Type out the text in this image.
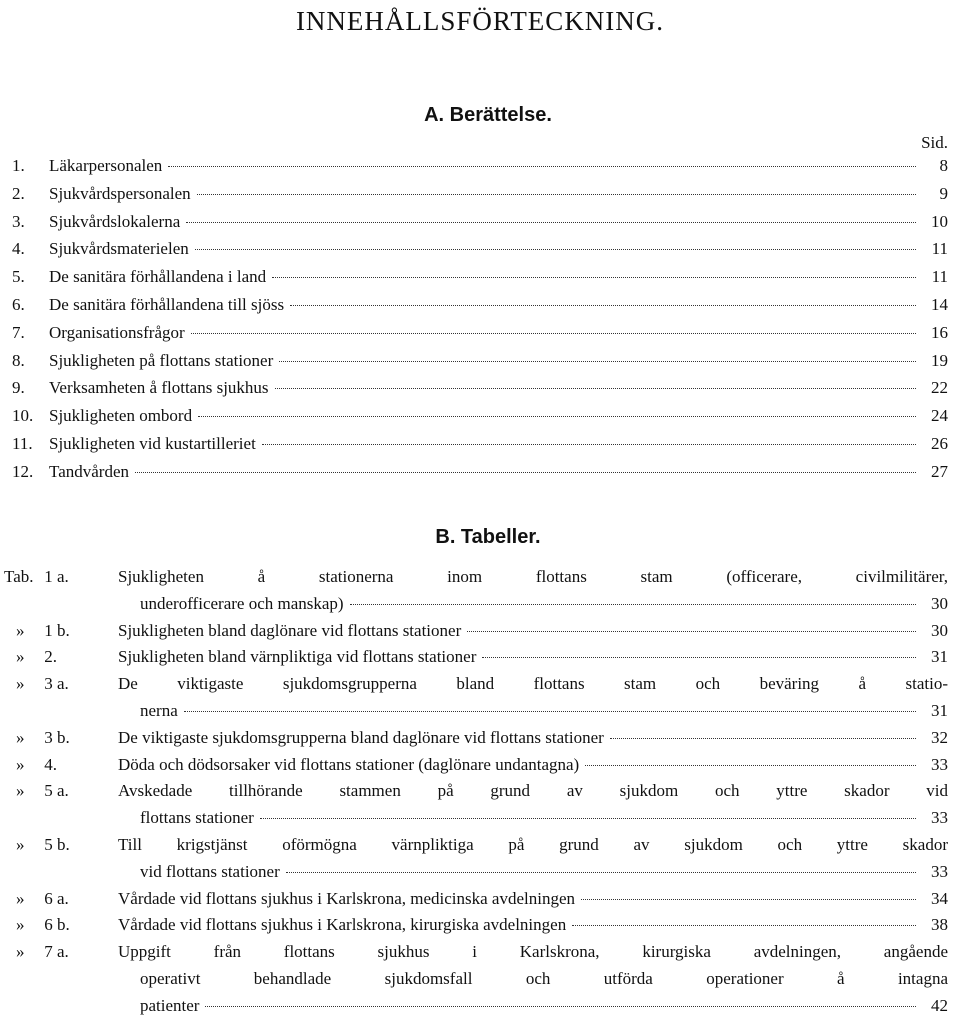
INNEHÅLLSFÖRTECKNING.
A. Berättelse.
Sid.
1.	Läkarpersonalen	8
2.	Sjukvårdspersonalen	9
3.	Sjukvårdslokalerna	10
4.	Sjukvårdsmaterielen	11
5.	De sanitära förhållandena i land	11
6.	De sanitära förhållandena till sjöss	14
7.	Organisationsfrågor	16
8.	Sjukligheten på flottans stationer	19
9.	Verksamheten å flottans sjukhus	22
10. Sjukligheten ombord	24
11. Sjukligheten vid kustartilleriet	26
12. Tandvården	27
B. Tabeller.
Tab. 1 a.	Sjukligheten å stationerna inom flottans stam (officerare, civilmilitärer,
underofficerare och manskap)	30
» 1 b.	Sjukligheten bland daglönare vid flottans stationer	30
» 2.	Sjukligheten bland värnpliktiga vid flottans stationer	31
» 3 a.	De viktigaste sjukdomsgrupperna bland flottans stam och beväring å statio-
nerna	31
» 3 b.	De viktigaste sjukdomsgrupperna bland daglönare vid flottans stationer	32
» 4.	Döda och dödsorsaker vid flottans stationer (daglönare undantagna)	33
» 5 a.	Avskedade tillhörande stammen på grund av sjukdom och yttre skador vid
flottans stationer	33
» 5 b.	Till krigstjänst oförmögna värnpliktiga på grund av sjukdom och yttre skador
vid flottans stationer	33
» 6 a.	Vårdade vid flottans sjukhus i Karlskrona, medicinska avdelningen	34
» 6 b.	Vårdade vid flottans sjukhus i Karlskrona, kirurgiska avdelningen	38
» 7 a.	Uppgift från flottans sjukhus i Karlskrona, kirurgiska avdelningen, angående
operativt behandlade sjukdomsfall och utförda operationer å intagna
patienter	42
